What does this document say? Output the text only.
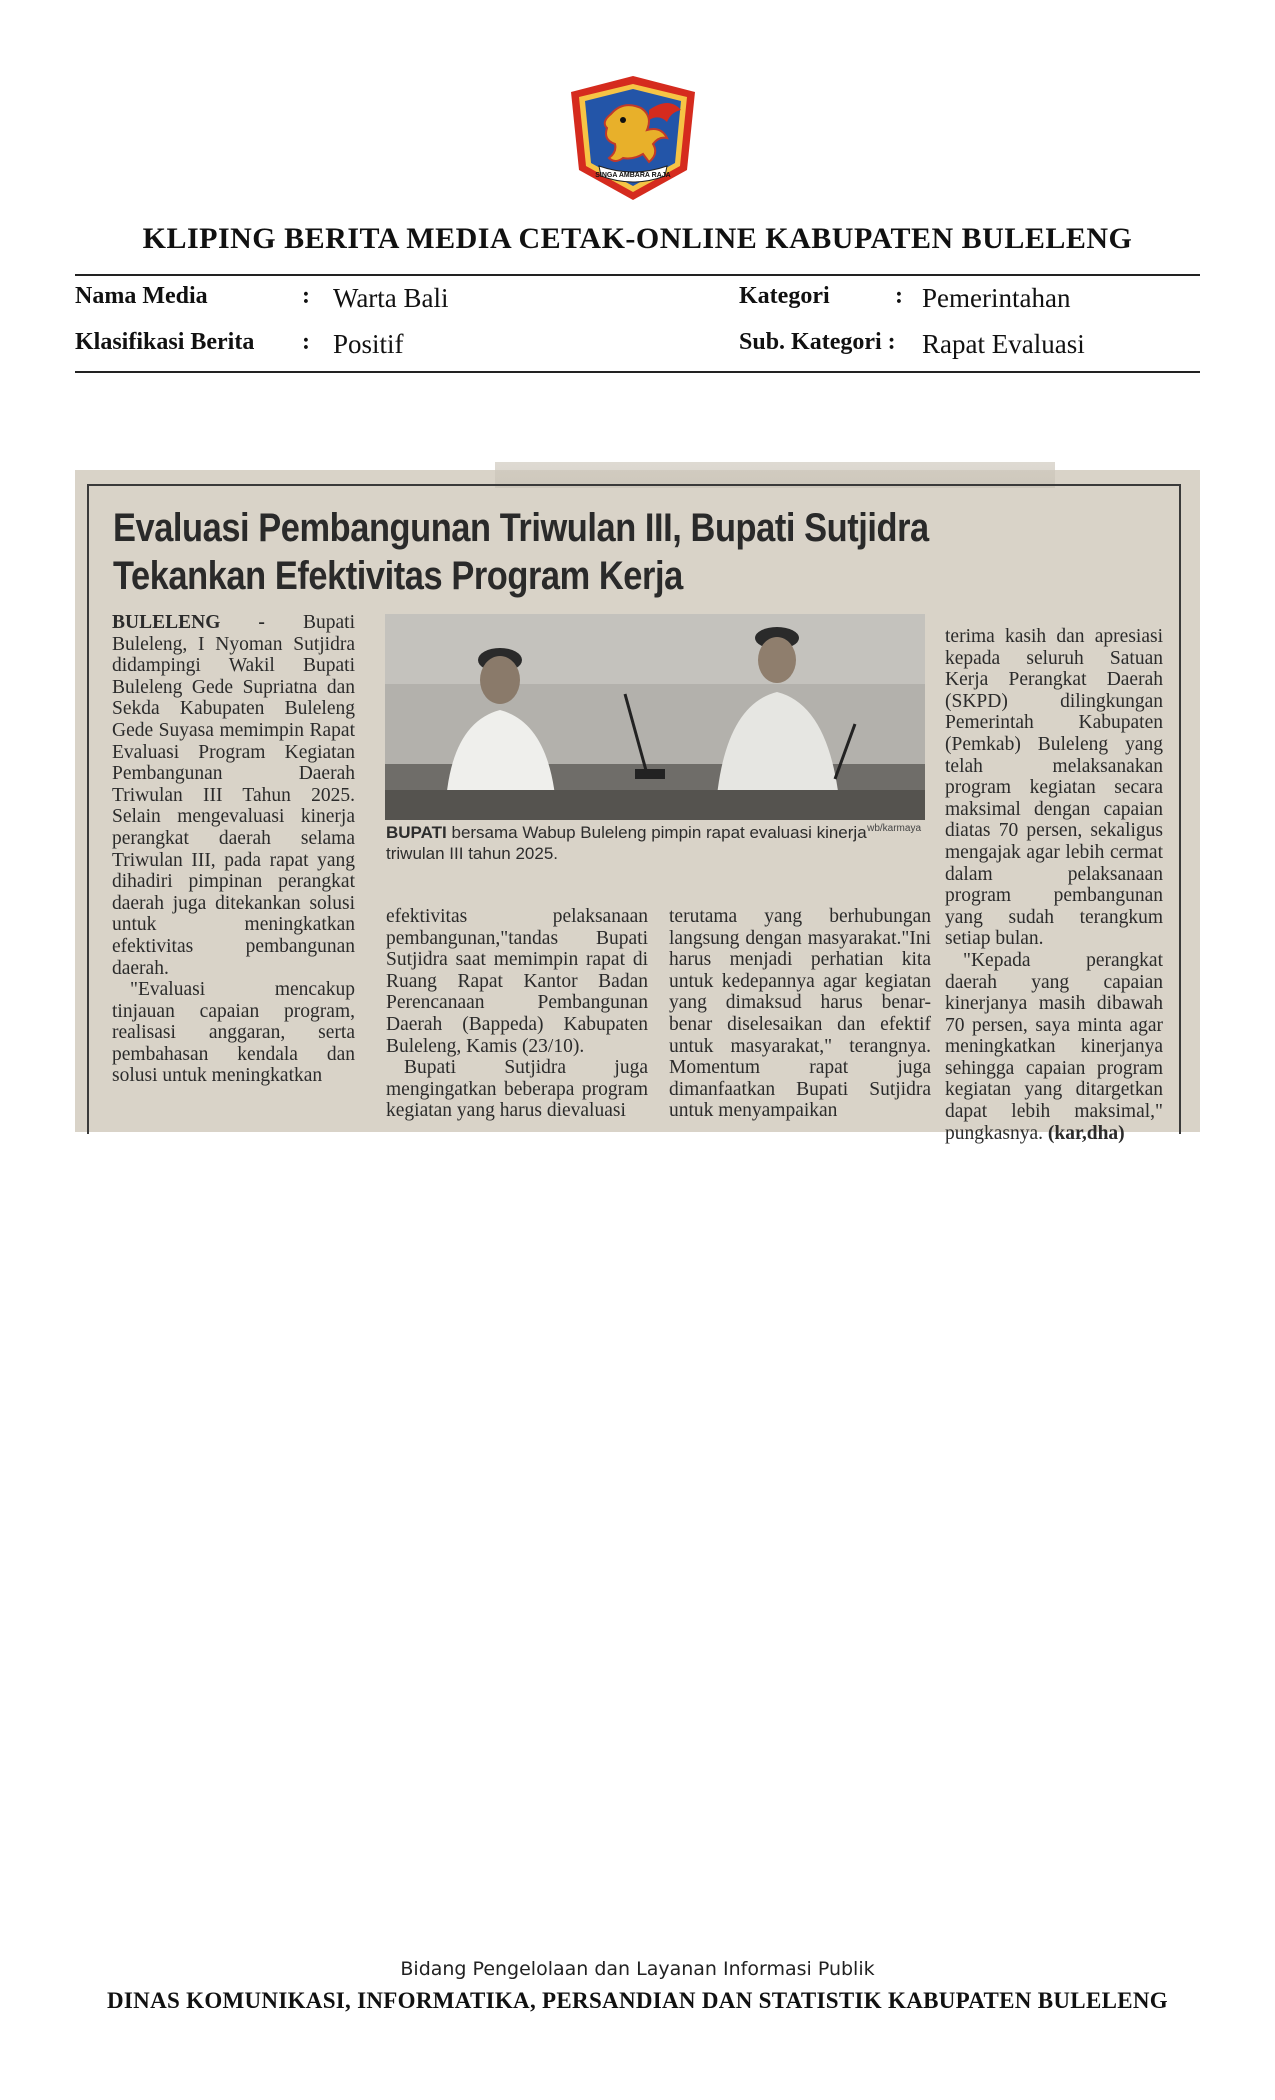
SINGA AMBARA RAJA
KLIPING BERITA MEDIA CETAK-ONLINE KABUPATEN BULELENG
Nama Media	: Warta Bali
Klasifikasi Berita : Positif
Kategori	: Pemerintahan
Sub. Kategori : Rapat Evaluasi
Evaluasi Pembangunan Triwulan III, Bupati Sutjidra
Tekankan Efektivitas Program Kerja

BULELENG - Bupati Buleleng, I Nyoman Sutjidra didampingi Wakil Bupati Buleleng Gede Supriatna dan Sekda Kabupaten Buleleng Gede Suyasa memimpin Rapat Evaluasi Program Kegiatan Pembangunan Daerah Triwulan III Tahun 2025. Selain mengevaluasi kinerja perangkat daerah selama Triwulan III, pada rapat yang dihadiri pimpinan perangkat daerah juga ditekankan solusi untuk meningkatkan efektivitas pembangunan daerah.

"Evaluasi mencakup tinjauan capaian program, realisasi anggaran, serta pembahasan kendala dan solusi untuk meningkatkan

wb/karmaya
BUPATI bersama Wabup Buleleng pimpin rapat evaluasi kinerja triwulan III tahun 2025.

efektivitas pelaksanaan pembangunan,"tandas Bupati Sutjidra saat memimpin rapat di Ruang Rapat Kantor Badan Perencanaan Pembangunan Daerah (Bappeda) Kabupaten Buleleng, Kamis (23/10).

Bupati Sutjidra juga mengingatkan beberapa program kegiatan yang harus dievaluasi

terutama yang berhubungan langsung dengan masyarakat."Ini harus menjadi perhatian kita untuk kedepannya agar kegiatan yang dimaksud harus benar-benar diselesaikan dan efektif untuk masyarakat," terangnya. Momentum rapat juga dimanfaatkan Bupati Sutjidra untuk menyampaikan

terima kasih dan apresiasi kepada seluruh Satuan Kerja Perangkat Daerah (SKPD) dilingkungan Pemerintah Kabupaten (Pemkab) Buleleng yang telah melaksanakan program kegiatan secara maksimal dengan capaian diatas 70 persen, sekaligus mengajak agar lebih cermat dalam pelaksanaan program pembangunan yang sudah terangkum setiap bulan.

"Kepada perangkat daerah yang capaian kinerjanya masih dibawah 70 persen, saya minta agar meningkatkan kinerjanya sehingga capaian program kegiatan yang ditargetkan dapat lebih maksimal," pungkasnya. (kar,dha)

Bidang Pengelolaan dan Layanan Informasi Publik
DINAS KOMUNIKASI, INFORMATIKA, PERSANDIAN DAN STATISTIK KABUPATEN BULELENG
